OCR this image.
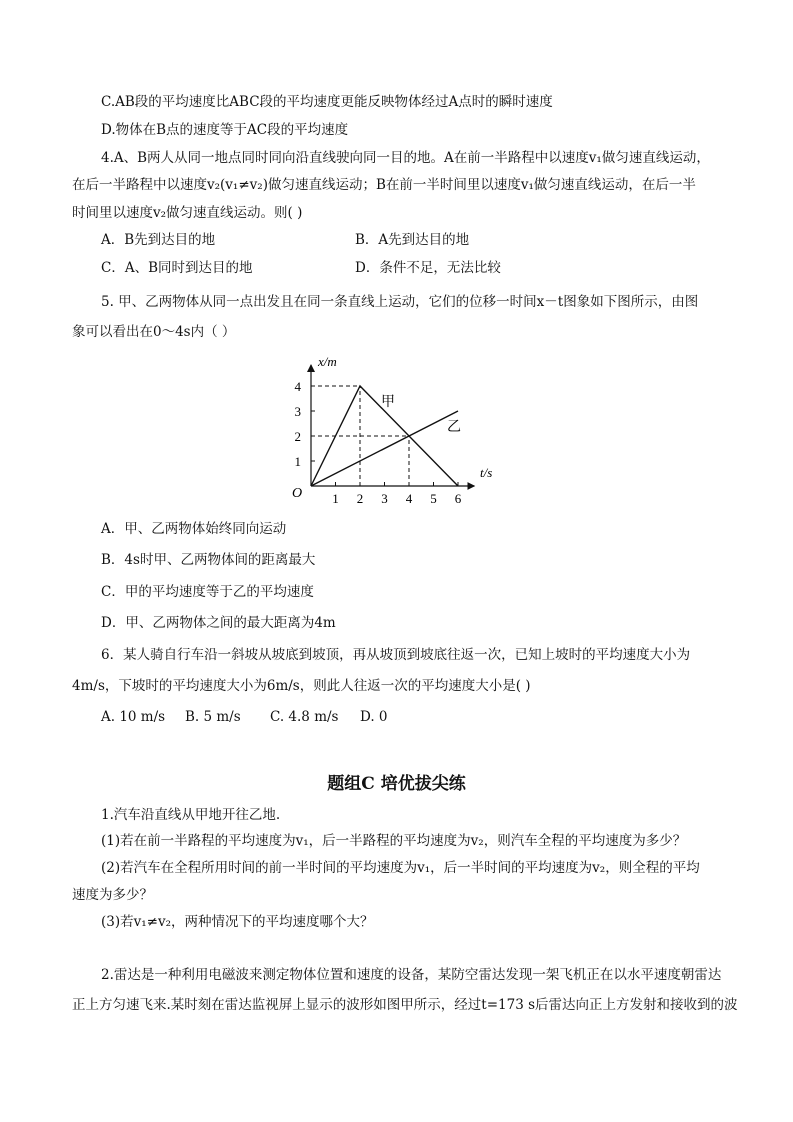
C.AB段的平均速度比ABC段的平均速度更能反映物体经过A点时的瞬时速度
D.物体在B点的速度等于AC段的平均速度
4.A、B两人从同一地点同时同向沿直线驶向同一目的地。A在前一半路程中以速度v₁做匀速直线运动，
在后一半路程中以速度v₂(v₁≠v₂)做匀速直线运动；B在前一半时间里以速度v₁做匀速直线运动，在后一半
时间里以速度v₂做匀速直线运动。则( )
A．B先到达目的地	B．A先到达目的地
C．A、B同时到达目的地	D．条件不足，无法比较
5. 甲、乙两物体从同一点出发且在同一条直线上运动，它们的位移一时间x－t图象如下图所示，由图
象可以看出在0～4s内（ ）
1 2 3 4 5 6
1
2
3
4
O
t/s
x/m
甲
乙
A．甲、乙两物体始终同向运动
B．4s时甲、乙两物体间的距离最大
C．甲的平均速度等于乙的平均速度
D．甲、乙两物体之间的最大距离为4m
6．某人骑自行车沿一斜坡从坡底到坡顶，再从坡顶到坡底往返一次，已知上坡时的平均速度大小为
4m/s，下坡时的平均速度大小为6m/s，则此人往返一次的平均速度大小是( )
A. 10 m/s B. 5 m/s C. 4.8 m/s D. 0
题组C 培优拔尖练
1.汽车沿直线从甲地开往乙地.
(1)若在前一半路程的平均速度为v₁，后一半路程的平均速度为v₂，则汽车全程的平均速度为多少？
(2)若汽车在全程所用时间的前一半时间的平均速度为v₁，后一半时间的平均速度为v₂，则全程的平均
速度为多少？
(3)若v₁≠v₂，两种情况下的平均速度哪个大？
2.雷达是一种利用电磁波来测定物体位置和速度的设备，某防空雷达发现一架飞机正在以水平速度朝雷达
正上方匀速飞来.某时刻在雷达监视屏上显示的波形如图甲所示，经过t=173 s后雷达向正上方发射和接收到的波
